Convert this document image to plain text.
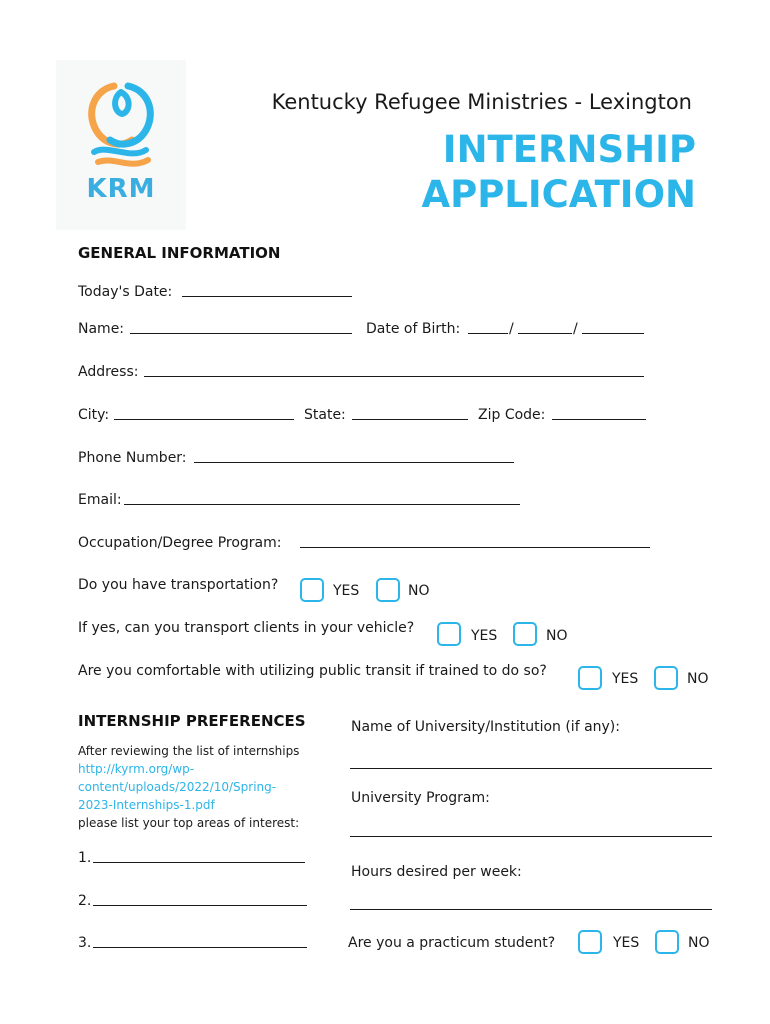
KRM
Kentucky Refugee Ministries - Lexington
INTERNSHIP
APPLICATION
GENERAL INFORMATION
Today's Date:
Name:	Date of Birth:	/	/
Address:
City:	State:	Zip Code:
Phone Number:
Email:
Occupation/Degree Program:
Do you have transportation?	YES	NO
If yes, can you transport clients in your vehicle?	YES	NO
Are you comfortable with utilizing public transit if trained to do so?	YES	NO
INTERNSHIP PREFERENCES
After reviewing the list of internships
http://kyrm.org/wp-
content/uploads/2022/10/Spring-
2023-Internships-1.pdf
please list your top areas of interest:
1.
2.
3.
Name of University/Institution (if any):
University Program:
Hours desired per week:
Are you a practicum student?	YES	NO
